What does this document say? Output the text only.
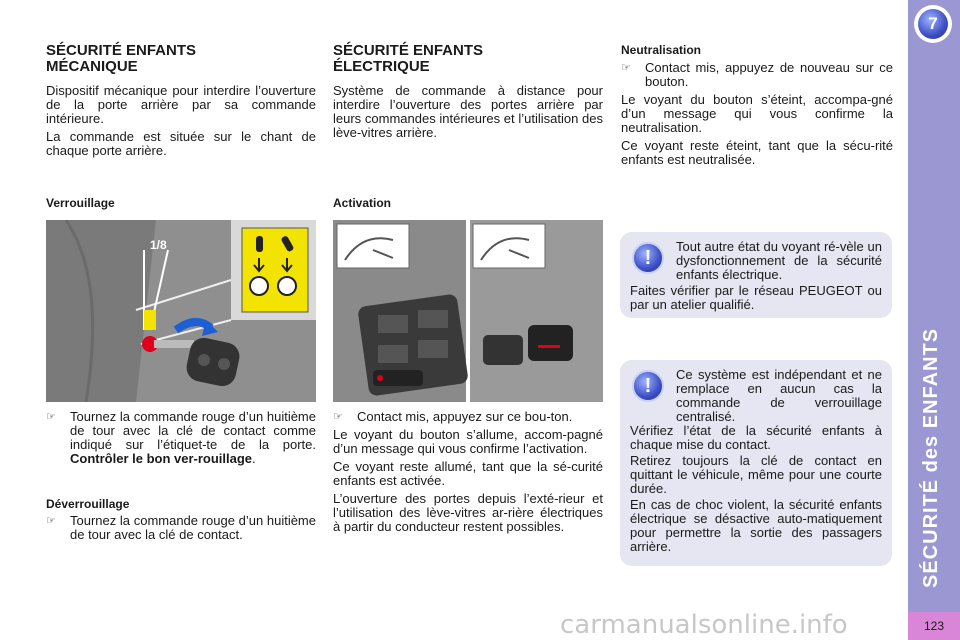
SÉCURITÉ ENFANTS
MÉCANIQUE

Dispositif mécanique pour interdire l’ouverture de la porte arrière par sa commande intérieure.

La commande est située sur le chant de chaque porte arrière.

Verrouillage
1/8
☞	Tournez la commande rouge d’un huitième de tour avec la clé de contact comme indiqué sur l’étiquet-te de la porte. Contrôler le bon ver-rouillage.
Déverrouillage
☞	Tournez la commande rouge d’un huitième de tour avec la clé de contact.
SÉCURITÉ ENFANTS
ÉLECTRIQUE

Système de commande à distance pour interdire l’ouverture des portes arrière par leurs commandes intérieures et l’utilisation des lève-vitres arrière.

Activation
☞	Contact mis, appuyez sur ce bou-ton.

Le voyant du bouton s’allume, accom-pagné d’un message qui vous confirme l’activation.

Ce voyant reste allumé, tant que la sé-curité enfants est activée.

L’ouverture des portes depuis l’exté-rieur et l’utilisation des lève-vitres ar-rière électriques à partir du conducteur restent possibles.

Neutralisation
☞	Contact mis, appuyez de nouveau sur ce bouton.

Le voyant du bouton s’éteint, accompa-gné d’un message qui vous confirme la neutralisation.

Ce voyant reste éteint, tant que la sécu-rité enfants est neutralisée.

!

Tout autre état du voyant ré-vèle un dysfonctionnement de la sécurité enfants électrique.

Faites vérifier par le réseau PEUGEOT ou par un atelier qualifié.

!

Ce système est indépendant et ne remplace en aucun cas la commande de verrouillage centralisé.

Vérifiez l’état de la sécurité enfants à chaque mise du contact.

Retirez toujours la clé de contact en quittant le véhicule, même pour une courte durée.

En cas de choc violent, la sécurité enfants électrique se désactive auto-matiquement pour permettre la sortie des passagers arrière.

7
SÉCURITÉ des ENFANTS
123
carmanualsonline.info
